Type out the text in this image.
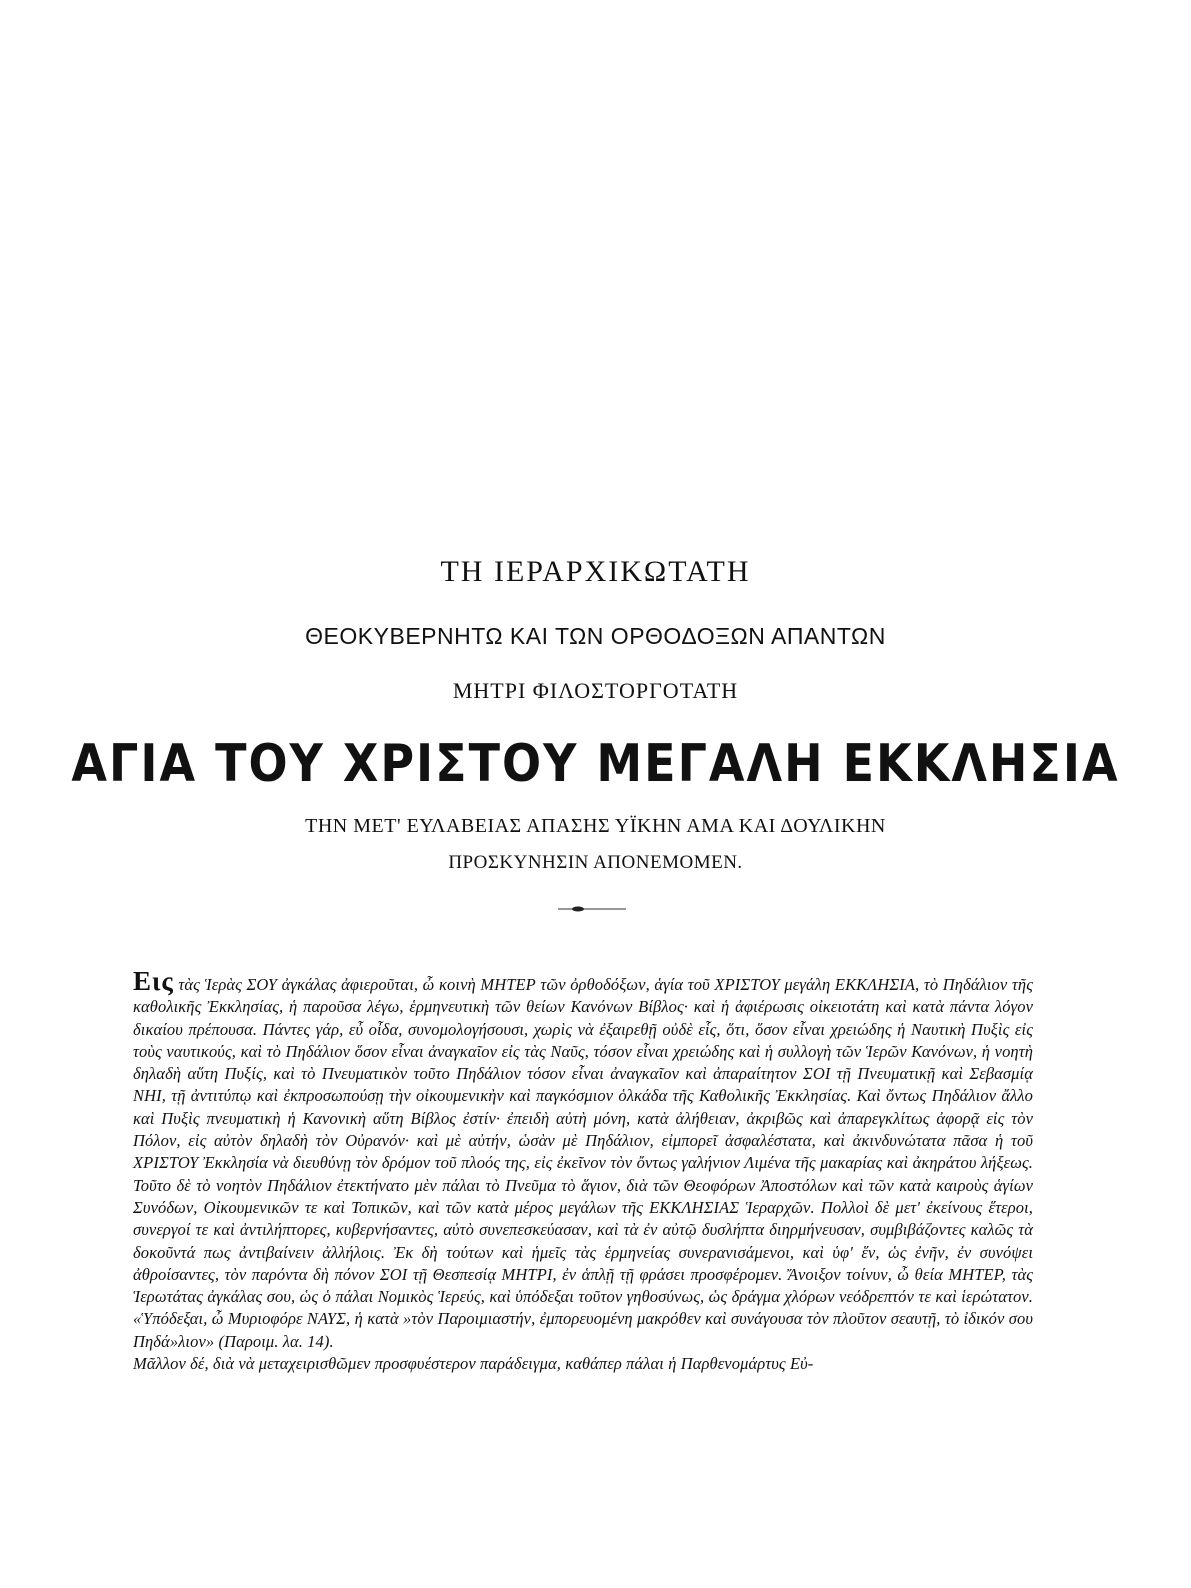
ΤΗ ΙΕΡΑΡΧΙΚΩΤΑΤΗ
ΘΕΟΚΥΒΕΡΝΗΤΩ ΚΑΙ ΤΩΝ ΟΡΘΟΔΟΞΩΝ ΑΠΑΝΤΩΝ
ΜΗΤΡΙ ΦΙΛΟΣΤΟΡΓΟΤΑΤΗ
ΑΓΙΑ ΤΟΥ ΧΡΙΣΤΟΥ ΜΕΓΑΛΗ ΕΚΚΛΗΣΙΑ
ΤΗΝ ΜΕΤ' ΕΥΛΑΒΕΙΑΣ ΑΠΑΣΗΣ ΥΪΚΗΝ ΑΜΑ ΚΑΙ ΔΟΥΛΙΚΗΝ
ΠΡΟΣΚΥΝΗΣΙΝ ΑΠΟΝΕΜΟΜΕΝ.

Εις τὰς Ἱερὰς ΣΟΥ ἀγκάλας ἀφιεροῦται, ὦ κοινὴ ΜΗΤΕΡ τῶν ὀρθοδόξων, ἁγία τοῦ ΧΡΙΣΤΟΥ μεγάλη ΕΚΚΛΗΣΙΑ, τὸ Πηδάλιον τῆς καθολικῆς Ἐκκλησίας, ἡ παροῦσα λέγω, ἑρμηνευτικὴ τῶν θείων Κανόνων Βίβλος· καὶ ἡ ἀφιέρωσις οἰκειοτάτη καὶ κατὰ πάντα λόγον δικαίου πρέπουσα. Πάντες γάρ, εὖ οἶδα, συνομολογήσουσι, χωρὶς νὰ ἐξαιρεθῇ οὐδὲ εἷς, ὅτι, ὅσον εἶναι χρειώδης ἡ Ναυτικὴ Πυξὶς εἰς τοὺς ναυτικούς, καὶ τὸ Πηδάλιον ὅσον εἶναι ἀναγκαῖον εἰς τὰς Ναῦς, τόσον εἶναι χρειώδης καὶ ἡ συλλογὴ τῶν Ἱερῶν Κανόνων, ἡ νοητὴ δηλαδὴ αὕτη Πυξίς, καὶ τὸ Πνευματικὸν τοῦτο Πηδάλιον τόσον εἶναι ἀναγκαῖον καὶ ἀπαραίτητον ΣΟΙ τῇ Πνευματικῇ καὶ Σεβασμίᾳ ΝΗΙ, τῇ ἀντιτύπῳ καὶ ἐκπροσωπούσῃ τὴν οἰκουμενικὴν καὶ παγκόσμιον ὁλκάδα τῆς Καθολικῆς Ἐκκλησίας. Καὶ ὄντως Πηδάλιον ἄλλο καὶ Πυξὶς πνευματικὴ ἡ Κανονικὴ αὕτη Βίβλος ἐστίν· ἐπειδὴ αὐτὴ μόνη, κατὰ ἀλήθειαν, ἀκριβῶς καὶ ἀπαρεγκλίτως ἀφορᾷ εἰς τὸν Πόλον, εἰς αὐτὸν δηλαδὴ τὸν Οὐρανόν· καὶ μὲ αὐτήν, ὡσὰν μὲ Πηδάλιον, εἰμπορεῖ ἀσφαλέστατα, καὶ ἀκινδυνώτατα πᾶσα ἡ τοῦ ΧΡΙΣΤΟΥ Ἐκκλησία νὰ διευθύνῃ τὸν δρόμον τοῦ πλοός της, εἰς ἐκεῖνον τὸν ὄντως γαλήνιον Λιμένα τῆς μακαρίας καὶ ἀκηράτου λήξεως. Τοῦτο δὲ τὸ νοητὸν Πηδάλιον ἐτεκτήνατο μὲν πάλαι τὸ Πνεῦμα τὸ ἅγιον, διὰ τῶν Θεοφόρων Ἀποστόλων καὶ τῶν κατὰ καιροὺς ἁγίων Συνόδων, Οἰκουμενικῶν τε καὶ Τοπικῶν, καὶ τῶν κατὰ μέρος μεγάλων τῆς ΕΚΚΛΗΣΙΑΣ Ἱεραρχῶν. Πολλοὶ δὲ μετ' ἐκείνους ἕτεροι, συνεργοί τε καὶ ἀντιλήπτορες, κυβερνήσαντες, αὐτὸ συνεπεσκεύασαν, καὶ τὰ ἐν αὐτῷ δυσλήπτα διηρμήνευσαν, συμβιβάζοντες καλῶς τὰ δοκοῦντά πως ἀντιβαίνειν ἀλλήλοις. Ἐκ δὴ τούτων καὶ ἡμεῖς τὰς ἑρμηνείας συνερανισάμενοι, καὶ ὑφ' ἕν, ὡς ἐνῆν, ἐν συνόψει ἀθροίσαντες, τὸν παρόντα δὴ πόνον ΣΟΙ τῇ Θεσπεσίᾳ ΜΗΤΡΙ, ἐν ἁπλῇ τῇ φράσει προσφέρομεν. Ἄνοιξον τοίνυν, ὦ θεία ΜΗΤΕΡ, τὰς Ἱερωτάτας ἀγκάλας σου, ὡς ὁ πάλαι Νομικὸς Ἱερεύς, καὶ ὑπόδεξαι τοῦτον γηθοσύνως, ὡς δράγμα χλόρων νεόδρεπτόν τε καὶ ἱερώτατον. «Ὑπόδεξαι, ὦ Μυριοφόρε ΝΑΥΣ, ἡ κατὰ »τὸν Παροιμιαστήν, ἐμπορευομένη μακρόθεν καὶ συνάγουσα τὸν πλοῦτον σεαυτῇ, τὸ ἰδικόν σου Πηδά»λιον» (Παροιμ. λα. 14).

Μᾶλλον δέ, διὰ νὰ μεταχειρισθῶμεν προσφυέστερον παράδειγμα, καθάπερ πάλαι ἡ Παρθενομάρτυς Εὐ-
